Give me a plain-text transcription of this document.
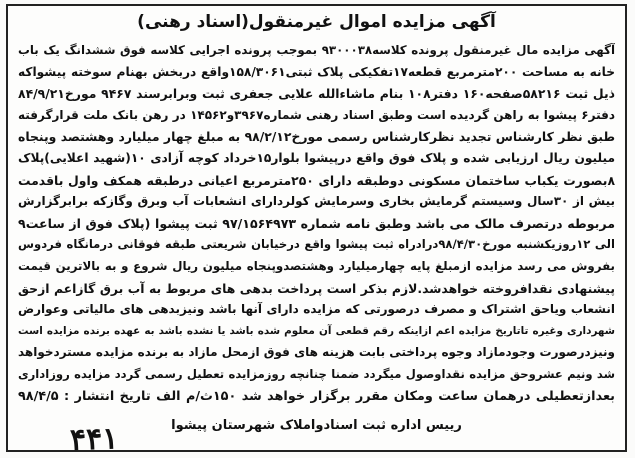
آگهی مزایده اموال غیرمنقول(اسناد رهنی)
آگهی مزایده مال غیرمنقول پرونده کلاسه۹۳۰۰۰۳۸ بموجب پرونده اجرایی کلاسه فوق ششدانگ یک باب
خانه به مساحت ۲۰۰مترمربع قطعه۱۷تفکیکی پلاک ثبتی۱۵۸/۳۰۶۱واقع دربخش بهنام سوخته پیشواکه
ذیل ثبت ۵۸۲۱۶صفحه۱۶۰ دفتر۱۰۸ بنام ماشاءالله علایی جعفری ثبت وبرابرسند ۹۴۶۷ مورخ۸۴/۹/۲۱
دفتر۶ پیشوا به راهن گردیده است وطبق اسناد رهنی شماره۳۹۶۷و۱۴۵۶۲ در رهن بانک ملت قرارگرفته
طبق نظر کارشناس تجدید نظرکارشناس رسمی مورخ۹۸/۲/۱۲ به مبلغ چهار میلیارد وهشتصد وپنجاه
میلیون ریال ارزیابی شده و پلاک فوق واقع درپیشوا بلوار۱۵خرداد کوچه آزادی ۱۰(شهید اعلایی)پلاک
۸بصورت یکباب ساختمان مسکونی دوطبقه دارای ۲۵۰مترمربع اعیانی درطبقه همکف واول باقدمت
بیش از ۳۰سال وسیستم گرمایش بخاری وسرمایش کولردارای انشعابات آب وبرق وگازکه برابرگزارش
مربوطه درتصرف مالک می باشد وطبق نامه شماره ۹۷/۱۵۶۴۹۷۳ ثبت پیشوا (پلاک فوق از ساعت۹
الی ۱۲روزیکشنبه مورخ۹۸/۴/۳۰درادراه ثبت پیشوا واقع درخیابان شریعتی طبقه فوقانی درمانگاه فردوس
بفروش می رسد مزایده ازمبلغ پایه چهارمیلیارد وهشتصدوپنجاه میلیون ریال شروع و به بالاترین قیمت
پیشنهادی نقدافروخته خواهدشد.لازم بذکر است پرداخت بدهی های مربوط به آب برق گازاعم ازحق
انشعاب ویاحق اشتراک و مصرف درصورتی که مزایده دارای آنها باشد ونیزبدهی های مالیاتی وعوارض
شهرداری وغیره تاتاریخ مزایده اعم ازاینکه رقم قطعی آن معلوم شده باشد یا نشده باشد به عهده برنده مزایده است
ونیزدرصورت وجودمازاد وجوه پرداختی بابت هزینه های فوق ازمحل مازاد به برنده مزایده مستردخواهد
شد ونیم عشروحق مزایده نقداوصول میگردد ضمنا چنانچه روزمزایده تعطیل رسمی گردد مزایده روزاداری
بعدازتعطیلی درهمان ساعت ومکان مقرر برگزار خواهد شد ۱۵۰ث/م الف تاریخ انتشار : ۹۸/۴/۵
رییس اداره ثبت اسنادواملاک شهرستان پیشوا
۴۴۱
